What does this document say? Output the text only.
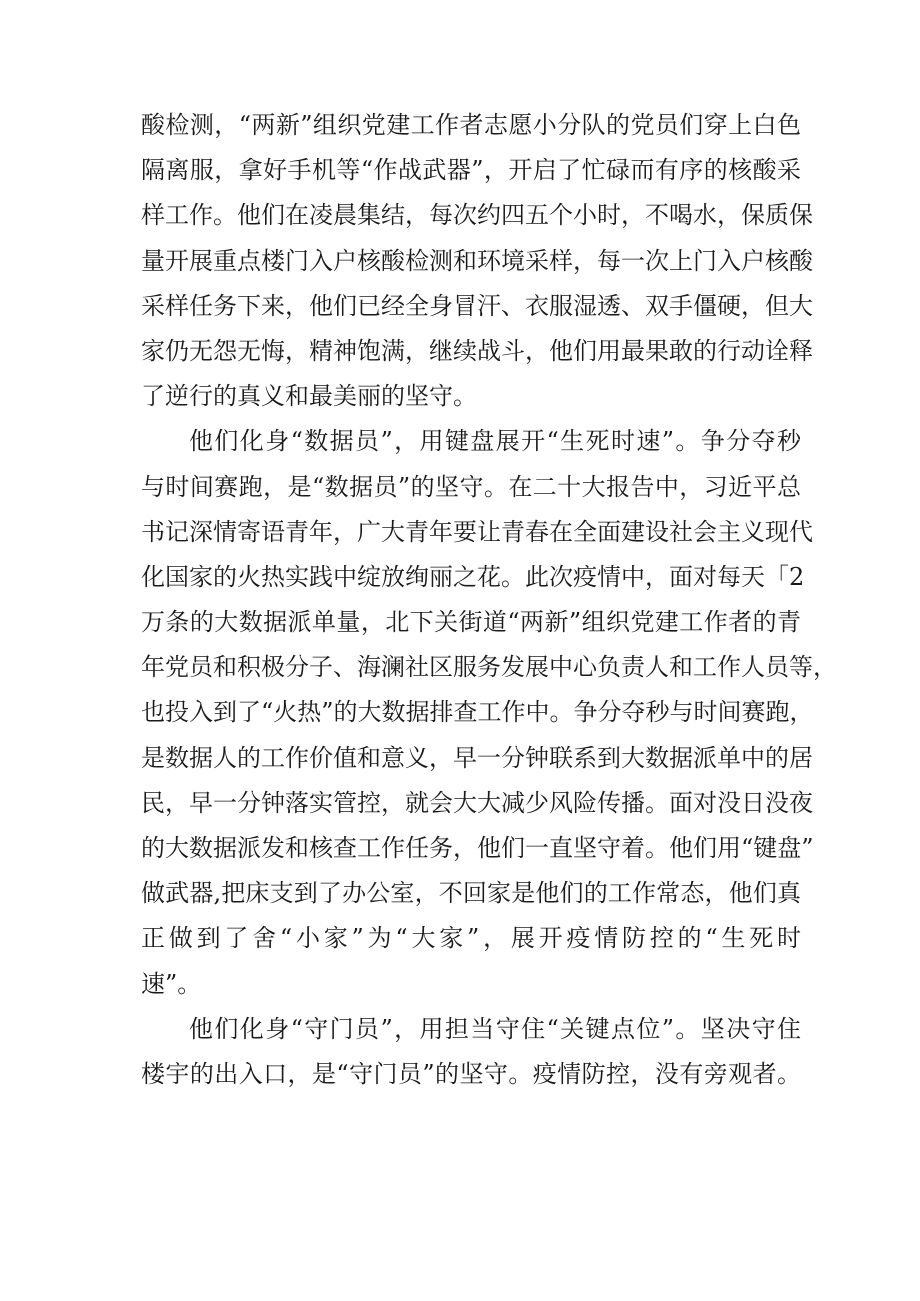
酸检测，“两新”组织党建工作者志愿小分队的党员们穿上白色
隔离服，拿好手机等“作战武器”，开启了忙碌而有序的核酸采
样工作。他们在凌晨集结，每次约四五个小时，不喝水，保质保
量开展重点楼门入户核酸检测和环境采样，每一次上门入户核酸
采样任务下来，他们已经全身冒汗、衣服湿透、双手僵硬，但大
家仍无怨无悔，精神饱满，继续战斗，他们用最果敢的行动诠释
了逆行的真义和最美丽的坚守。
他们化身“数据员”，用键盘展开“生死时速”。争分夺秒
与时间赛跑，是“数据员”的坚守。在二十大报告中，习近平总
书记深情寄语青年，广大青年要让青春在全面建设社会主义现代
化国家的火热实践中绽放绚丽之花。此次疫情中，面对每天「2
万条的大数据派单量，北下关街道“两新”组织党建工作者的青
年党员和积极分子、海澜社区服务发展中心负责人和工作人员等，
也投入到了“火热”的大数据排查工作中。争分夺秒与时间赛跑，
是数据人的工作价值和意义，早一分钟联系到大数据派单中的居
民，早一分钟落实管控，就会大大减少风险传播。面对没日没夜
的大数据派发和核查工作任务，他们一直坚守着。他们用“键盘”
做武器,把床支到了办公室，不回家是他们的工作常态，他们真
正做到了舍“小家”为“大家”，展开疫情防控的“生死时
速”。
他们化身“守门员”，用担当守住“关键点位”。坚决守住
楼宇的出入口，是“守门员”的坚守。疫情防控，没有旁观者。
